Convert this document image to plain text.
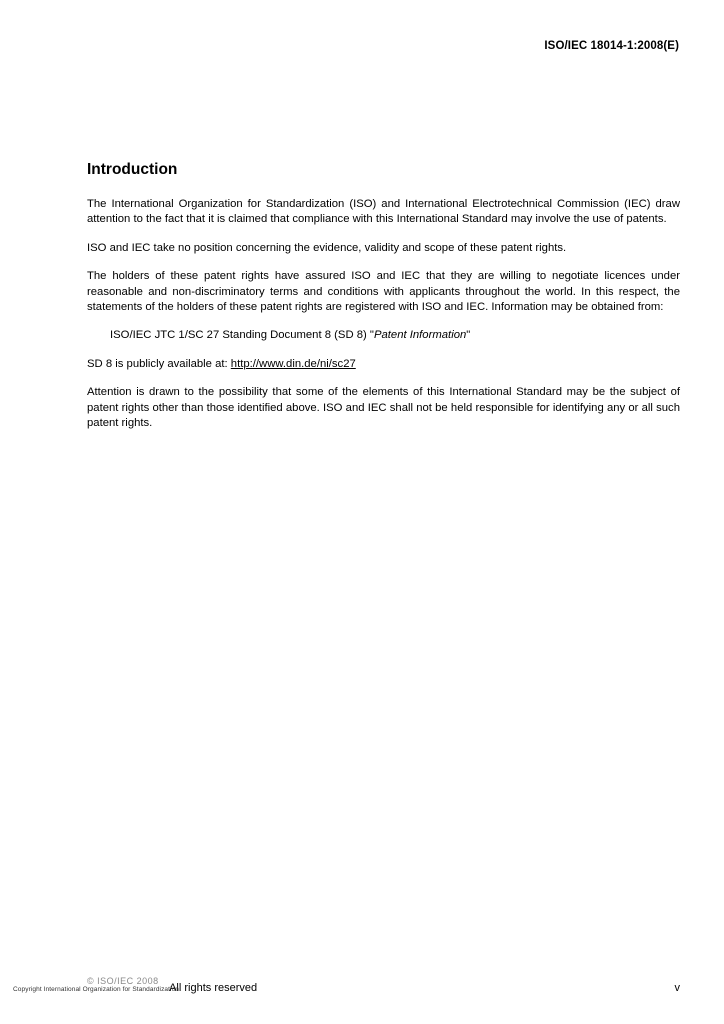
ISO/IEC 18014-1:2008(E)
Introduction

The International Organization for Standardization (ISO) and International Electrotechnical Commission (IEC) draw attention to the fact that it is claimed that compliance with this International Standard may involve the use of patents.

ISO and IEC take no position concerning the evidence, validity and scope of these patent rights.

The holders of these patent rights have assured ISO and IEC that they are willing to negotiate licences under reasonable and non-discriminatory terms and conditions with applicants throughout the world. In this respect, the statements of the holders of these patent rights are registered with ISO and IEC. Information may be obtained from:

ISO/IEC JTC 1/SC 27 Standing Document 8 (SD 8) "Patent Information"

SD 8 is publicly available at: http://www.din.de/ni/sc27

Attention is drawn to the possibility that some of the elements of this International Standard may be the subject of patent rights other than those identified above. ISO and IEC shall not be held responsible for identifying any or all such patent rights.

© ISO/IEC 2008
All rights reserved
Copyright International Organization for Standardization	v
